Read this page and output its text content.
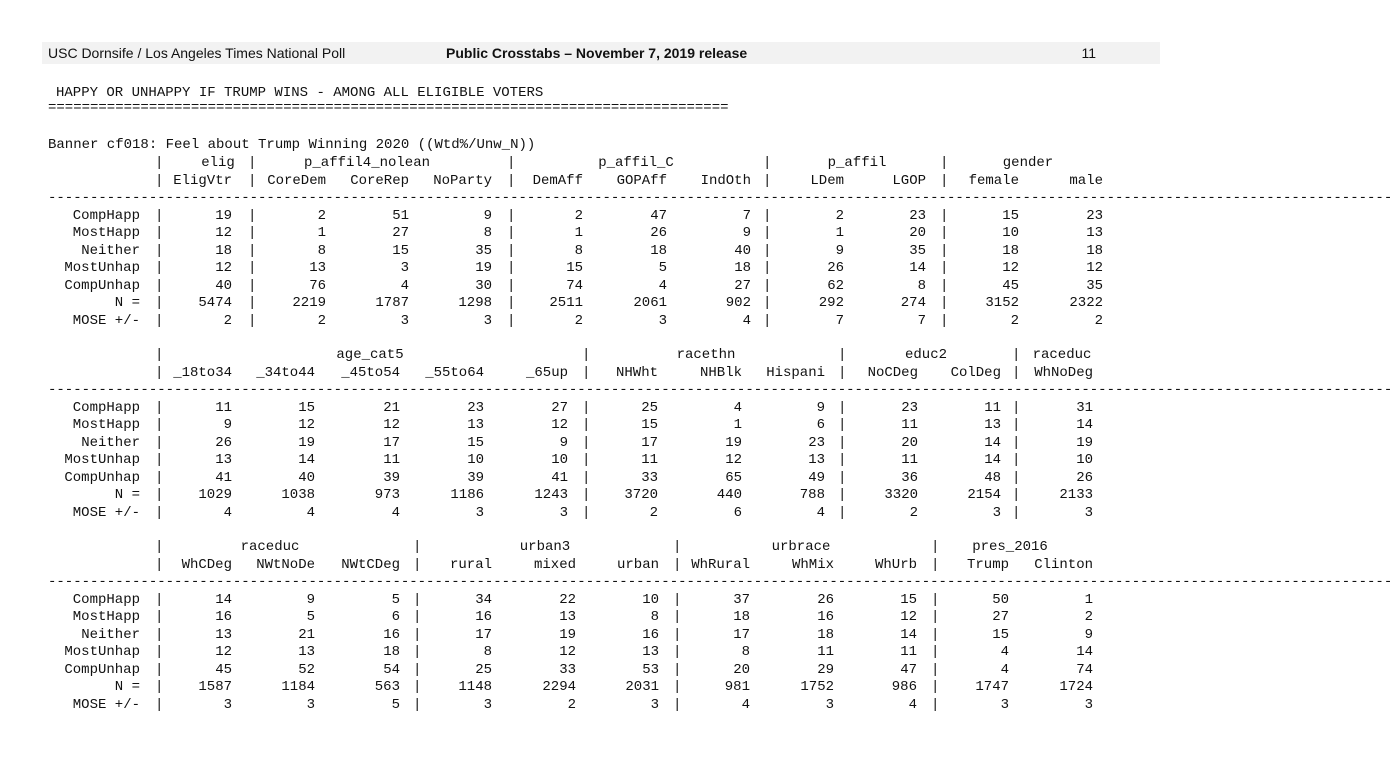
USC Dornsife / Los Angeles Times National Poll	Public Crosstabs – November 7, 2019 release	11
HAPPY OR UNHAPPY IF TRUMP WINS - AMONG ALL ELIGIBLE VOTERS
=================================================================================
Banner cf018: Feel about Trump Winning 2020 ((Wtd%/Unw_N))
elig	p_affil4_nolean	p_affil_C	p_affil	gender
|	|	|	|	|
|	|	|	|	|
|	|	|	|	|
|	|	|	|	|
|	|	|	|	|
|	|	|	|	|
|	|	|	|	|
|	|	|	|	|
|	|	|	|	|
EligVtr	CoreDem	CoreRep	NoParty	DemAff	GOPAff	IndOth	LDem	LGOP	female	male
----------------------------------------------------------------------------------------------------------------------------------------------------------------
CompHapp	19	2	51	9	2	47	7	2	23	15	23
MostHapp	12	1	27	8	1	26	9	1	20	10	13
Neither	18	8	15	35	8	18	40	9	35	18	18
MostUnhap	12	13	3	19	15	5	18	26	14	12	12
CompUnhap	40	76	4	30	74	4	27	62	8	45	35
N =	5474	2219	1787	1298	2511	2061	902	292	274	3152	2322
MOSE +/-	2	2	3	3	2	3	4	7	7	2	2
age_cat5	racethn	educ2	raceduc
|	|	|	|
|	|	|	|
|	|	|	|
|	|	|	|
|	|	|	|
|	|	|	|
|	|	|	|
|	|	|	|
|	|	|	|
_18to34	_34to44	_45to54	_55to64	_65up	NHWht	NHBlk	Hispani	NoCDeg	ColDeg	WhNoDeg
----------------------------------------------------------------------------------------------------------------------------------------------------------------
CompHapp	11	15	21	23	27	25	4	9	23	11	31
MostHapp	9	12	12	13	12	15	1	6	11	13	14
Neither	26	19	17	15	9	17	19	23	20	14	19
MostUnhap	13	14	11	10	10	11	12	13	11	14	10
CompUnhap	41	40	39	39	41	33	65	49	36	48	26
N =	1029	1038	973	1186	1243	3720	440	788	3320	2154	2133
MOSE +/-	4	4	4	3	3	2	6	4	2	3	3
raceduc	urban3	urbrace	pres_2016
|	|	|	|
|	|	|	|
|	|	|	|
|	|	|	|
|	|	|	|
|	|	|	|
|	|	|	|
|	|	|	|
|	|	|	|
WhCDeg	NWtNoDe	NWtCDeg	rural	mixed	urban	WhRural	WhMix	WhUrb	Trump	Clinton
----------------------------------------------------------------------------------------------------------------------------------------------------------------
CompHapp	14	9	5	34	22	10	37	26	15	50	1
MostHapp	16	5	6	16	13	8	18	16	12	27	2
Neither	13	21	16	17	19	16	17	18	14	15	9
MostUnhap	12	13	18	8	12	13	8	11	11	4	14
CompUnhap	45	52	54	25	33	53	20	29	47	4	74
N =	1587	1184	563	1148	2294	2031	981	1752	986	1747	1724
MOSE +/-	3	3	5	3	2	3	4	3	4	3	3
